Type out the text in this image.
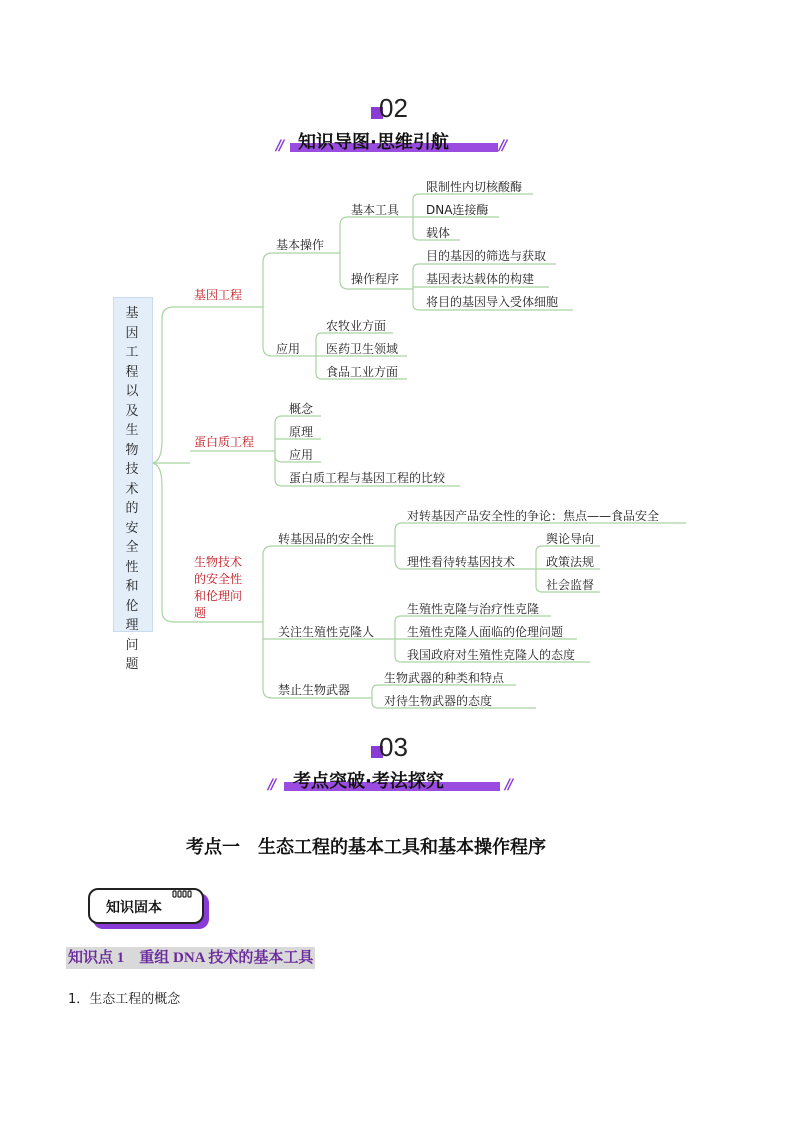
02
// 知识导图·思维引航	//
基
因
工
程
以
及
生
物
技
术
的
安
全
性
和
伦
理
问
题
基因工程
基本操作
基本工具
限制性内切核酸酶
DNA连接酶
载体
操作程序
目的基因的筛选与获取
基因表达载体的构建
将目的基因导入受体细胞
应用
农牧业方面
医药卫生领域
食品工业方面
蛋白质工程
概念
原理
应用
蛋白质工程与基因工程的比较
生物技术
的安全性
和伦理问
题
转基因品的安全性
对转基因产品安全性的争论：焦点——食品安全
理性看待转基因技术
舆论导向
政策法规
社会监督
关注生殖性克隆人
生殖性克隆与治疗性克隆
生殖性克隆人面临的伦理问题
我国政府对生殖性克隆人的态度
禁止生物武器
生物武器的种类和特点
对待生物武器的态度
03
// 考点突破·考法探究	//
考点一　生态工程的基本工具和基本操作程序
知识固本
知识点 1　重组 DNA 技术的基本工具
1．生态工程的概念
